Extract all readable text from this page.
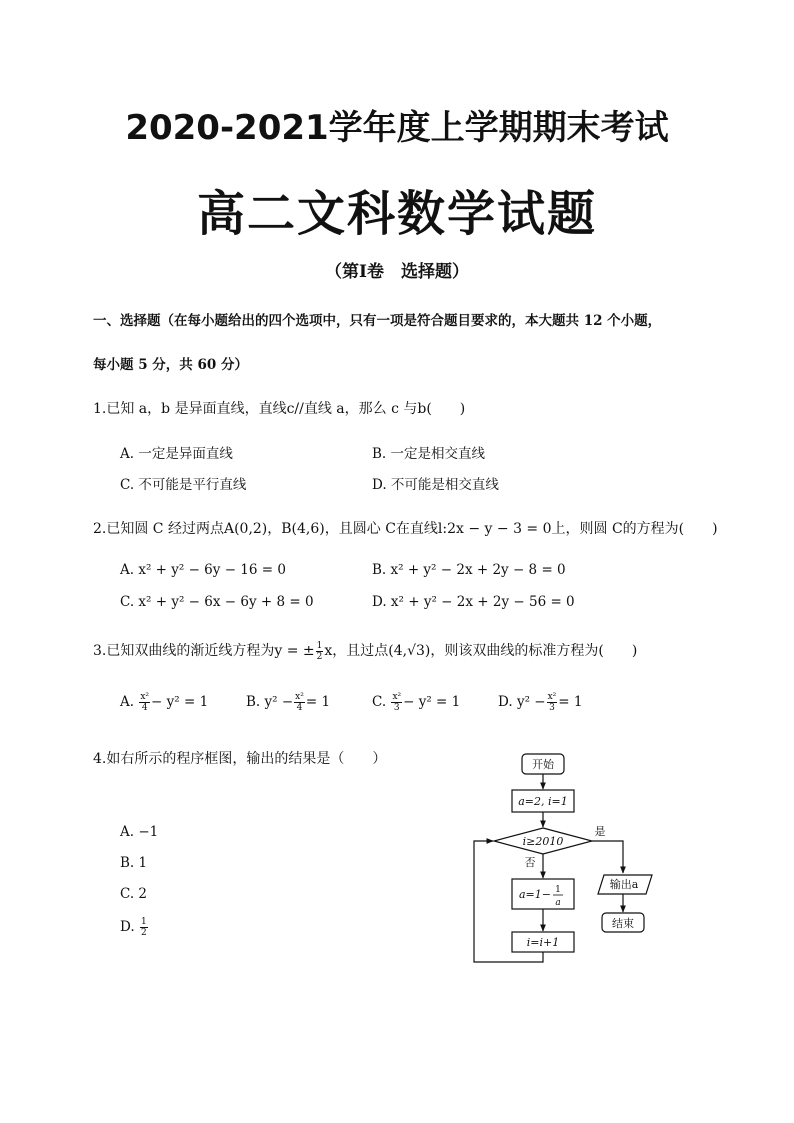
2020-2021学年度上学期期末考试
高二文科数学试题
（第Ⅰ卷　选择题）
一、选择题（在每小题给出的四个选项中，只有一项是符合题目要求的，本大题共 12 个小题，
每小题 5 分，共 60 分）
1.已知 a，b 是异面直线，直线c//直线 a，那么 c 与b(　　)
A. 一定是异面直线	B. 一定是相交直线
C. 不可能是平行直线	D. 不可能是相交直线
2.已知圆 C 经过两点A(0,2)，B(4,6)，且圆心 C在直线l:2x − y − 3 = 0上，则圆 C的方程为(　　)
A. x² + y² − 6y − 16 = 0	B. x² + y² − 2x + 2y − 8 = 0
C. x² + y² − 6x − 6y + 8 = 0	D. x² + y² − 2x + 2y − 56 = 0
3.已知双曲线的渐近线方程为y = ± $\frac{1}{2}$ x，且过点(4,√3)，则该双曲线的标准方程为(　　)
A. $\frac{\text{x²}}{4} - y^2 = 1$	B. $y^2 - \frac{\text{x²}}{4} = 1$	C. $\frac{\text{x²}}{3} - y^2 = 1$	D. $y^2 - \frac{\text{x²}}{3} = 1$
4.如右所示的程序框图，输出的结果是（　　）
A. −1
B. 1
C. 2
D. $\frac{1}{2}$
开始
a=2, i=1
i≥2010
是
否
输出a
结束
a=1− 1
a
i=i+1
